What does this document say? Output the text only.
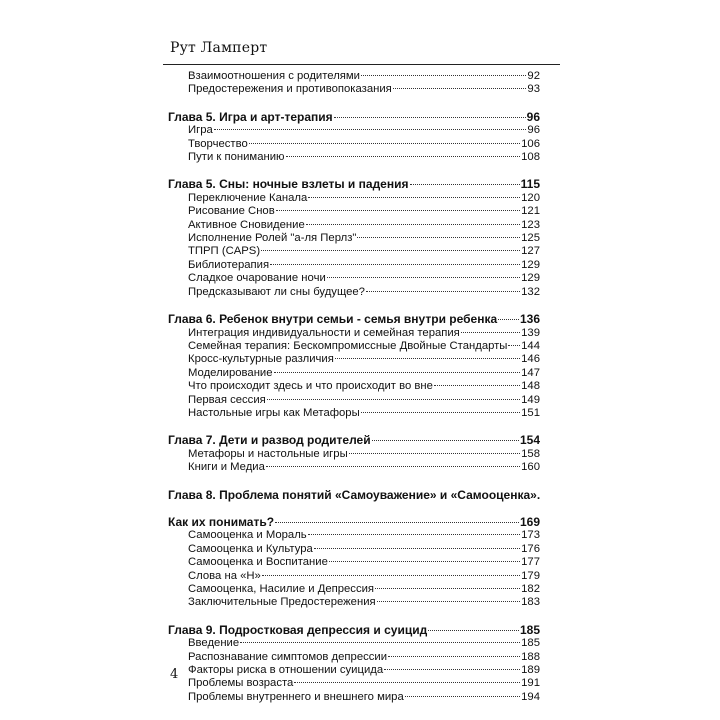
Рут Ламперт
Взаимоотношения с родителями	92
Предостережения и противопоказания	93
Глава 5. Игра и арт-терапия	96
Игра	96
Творчество	106
Пути к пониманию	108
Глава 5. Сны: ночные взлеты и падения	115
Переключение Канала	120
Рисование Снов	121
Активное Сновидение	123
Исполнение Ролей "а-ля Перлз"	125
ТПРП (CAPS)	127
Библиотерапия	129
Сладкое очарование ночи	129
Предсказывают ли сны будущее?	132
Глава 6. Ребенок внутри семьи - семья внутри ребенка 136
Интеграция индивидуальности и семейная терапия	139
Семейная терапия: Бескомпромиссные Двойные Стандарты 144
Кросс-культурные различия	146
Моделирование	147
Что происходит здесь и что происходит во вне	148
Первая сессия	149
Настольные игры как Метафоры	151
Глава 7. Дети и развод родителей	154
Метафоры и настольные игры	158
Книги и Медиа	160
Глава 8. Проблема понятий «Самоуважение» и «Самооценка».
Как их понимать?	169
Самооценка и Мораль	173
Самооценка и Культура	176
Самооценка и Воспитание	177
Слова на «Н»	179
Самооценка, Насилие и Депрессия	182
Заключительные Предостережения	183
Глава 9. Подростковая депрессия и суицид	185
Введение	185
Распознавание симптомов депрессии	188
Факторы риска в отношении суицида	189
Проблемы возраста	191
Проблемы внутреннего и внешнего мира	194
4
